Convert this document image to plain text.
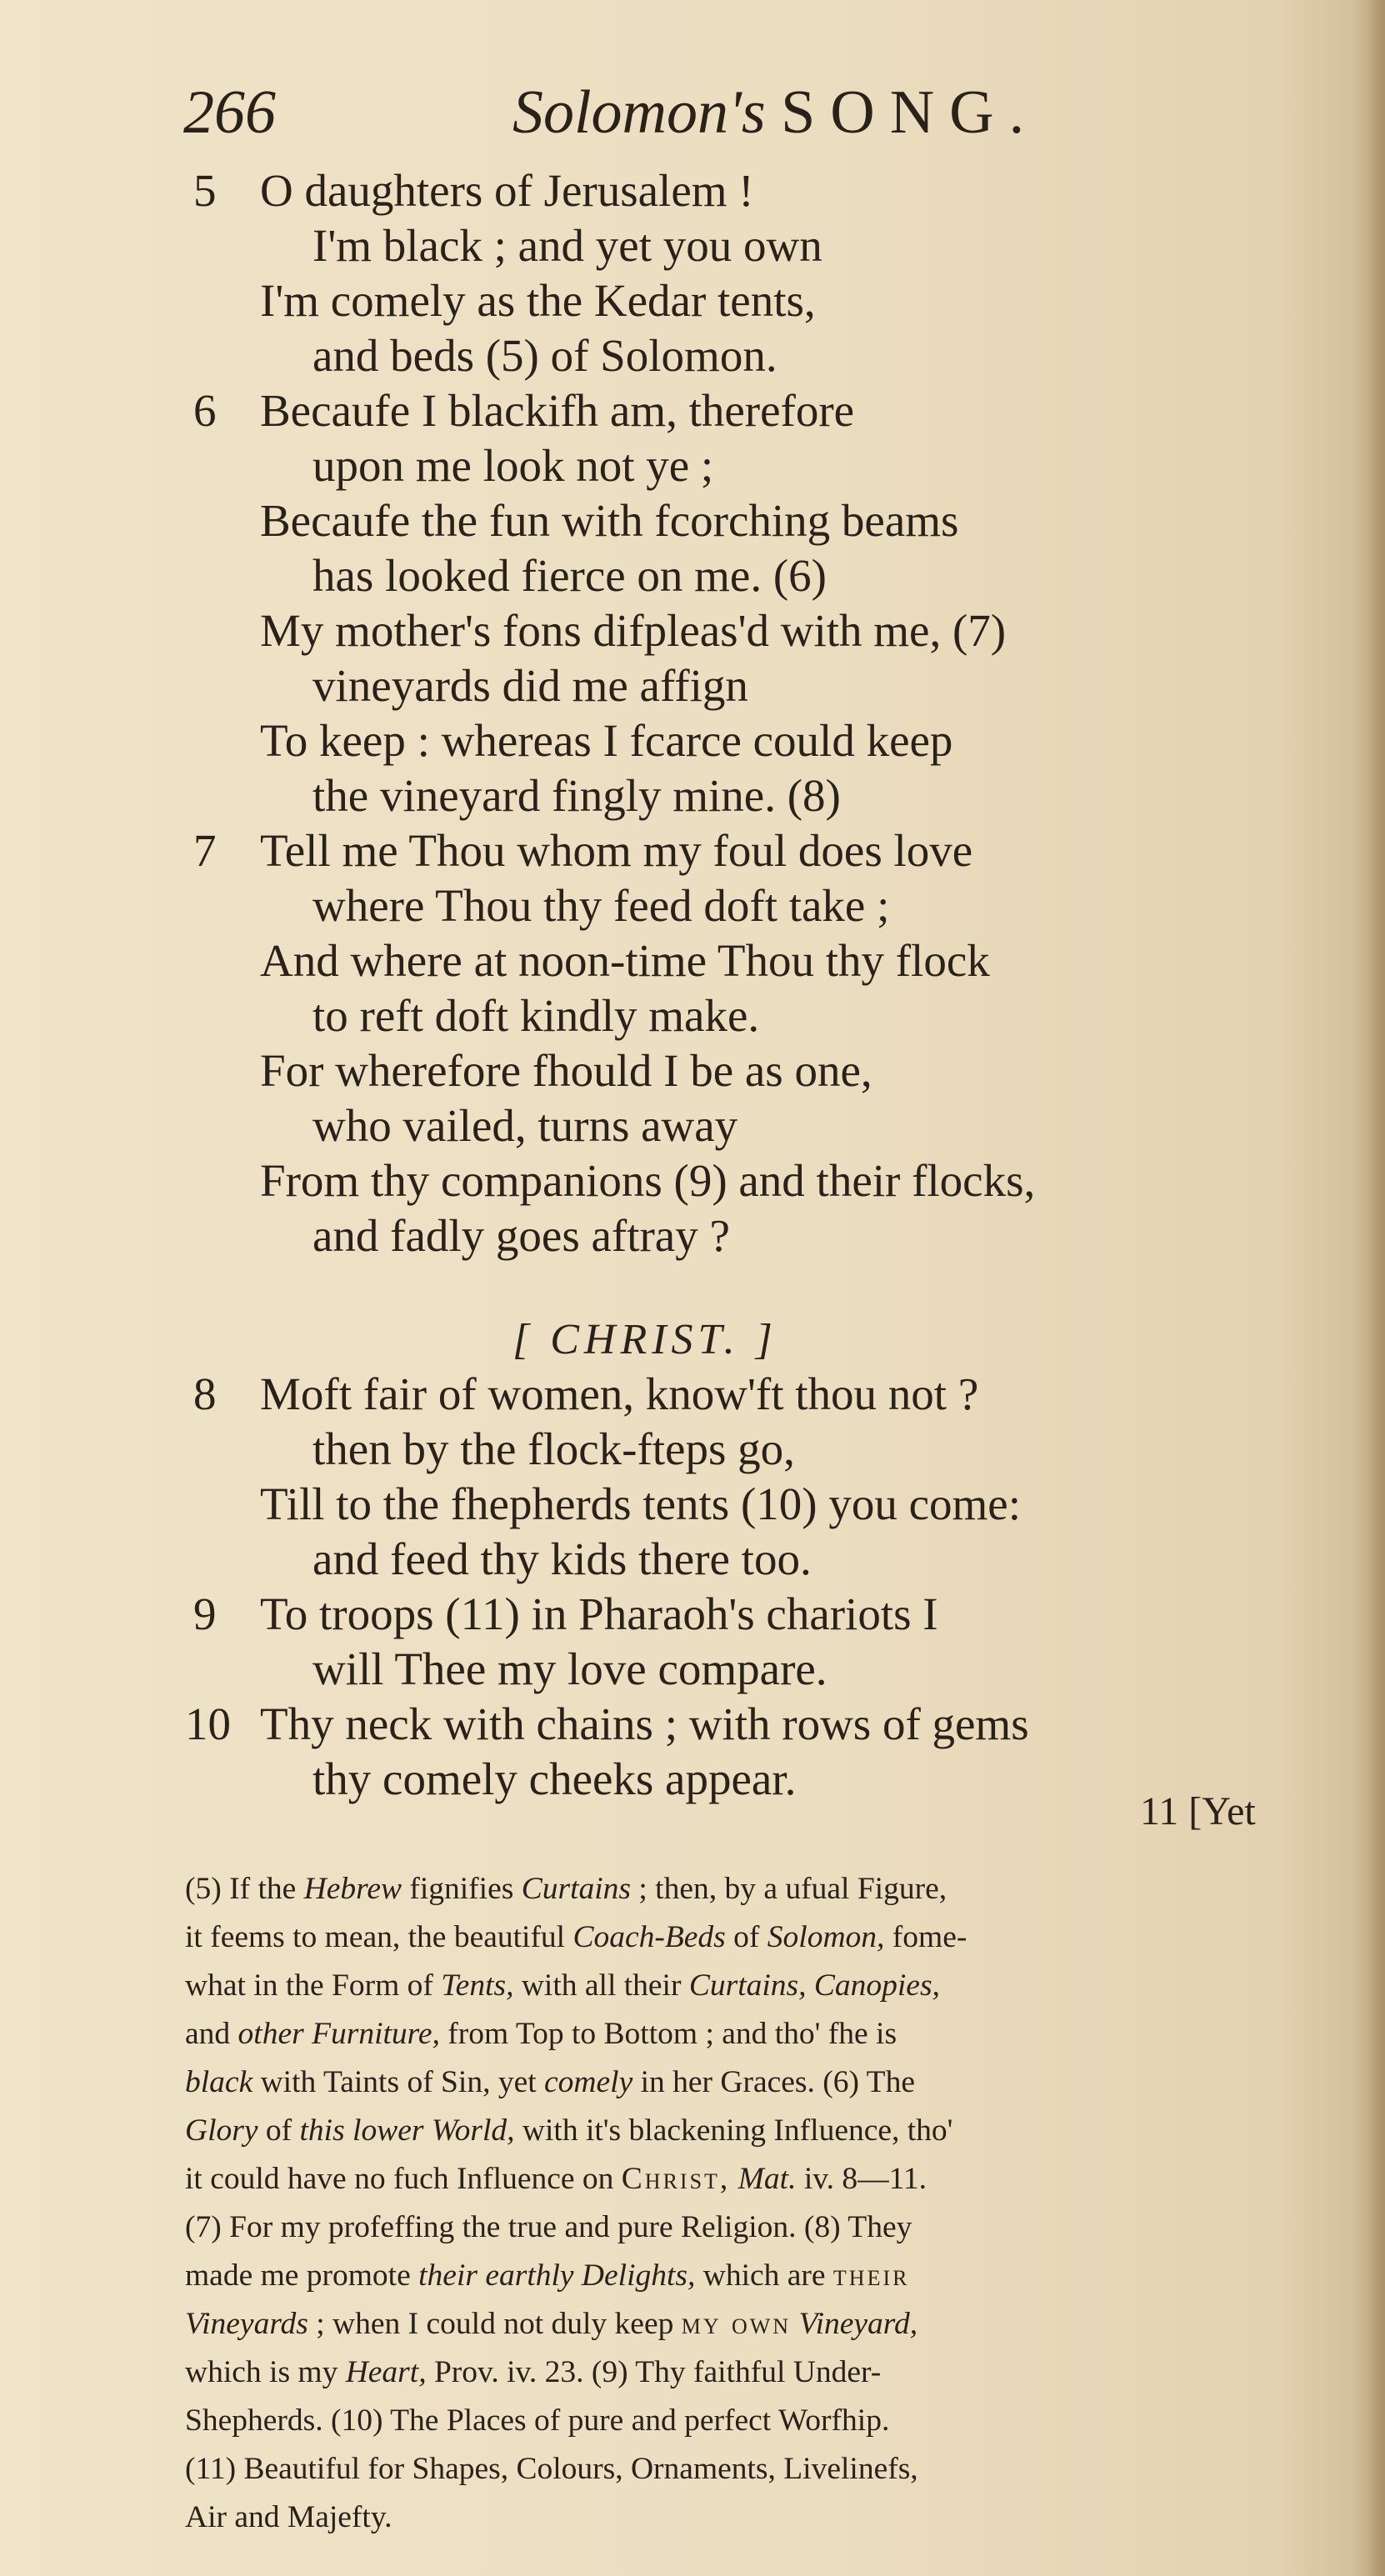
266	Solomon's SONG.
5 O daughters of Jerusalem !
I'm black ; and yet you own
I'm comely as the Kedar tents,
and beds (5) of Solomon.
6 Becaufe I blackifh am, therefore
upon me look not ye ;
Becaufe the fun with fcorching beams
has looked fierce on me. (6)
My mother's fons difpleas'd with me, (7)
vineyards did me affign
To keep : whereas I fcarce could keep
the vineyard fingly mine. (8)
7 Tell me Thou whom my foul does love
where Thou thy feed doft take ;
And where at noon-time Thou thy flock
to reft doft kindly make.
For wherefore fhould I be as one,
who vailed, turns away
From thy companions (9) and their flocks,
and fadly goes aftray ?
8 Moft fair of women, know'ft thou not ?
then by the flock-fteps go,
Till to the fhepherds tents (10) you come:
and feed thy kids there too.
9 To troops (11) in Pharaoh's chariots I
will Thee my love compare.
10 Thy neck with chains ; with rows of gems
thy comely cheeks appear.
[ CHRIST. ]
11 [Yet
(5) If the Hebrew fignifies Curtains ; then, by a ufual Figure,
it feems to mean, the beautiful Coach-Beds of Solomon, fome-
what in the Form of Tents, with all their Curtains, Canopies,
and other Furniture, from Top to Bottom ; and tho' fhe is
black with Taints of Sin, yet comely in her Graces. (6) The
Glory of this lower World, with it's blackening Influence, tho'
it could have no fuch Influence on Christ, Mat. iv. 8—11.
(7) For my profeffing the true and pure Religion. (8) They
made me promote their earthly Delights, which are their
Vineyards ; when I could not duly keep my own Vineyard,
which is my Heart, Prov. iv. 23. (9) Thy faithful Under-
Shepherds. (10) The Places of pure and perfect Worfhip.
(11) Beautiful for Shapes, Colours, Ornaments, Livelinefs,
Air and Majefty.
